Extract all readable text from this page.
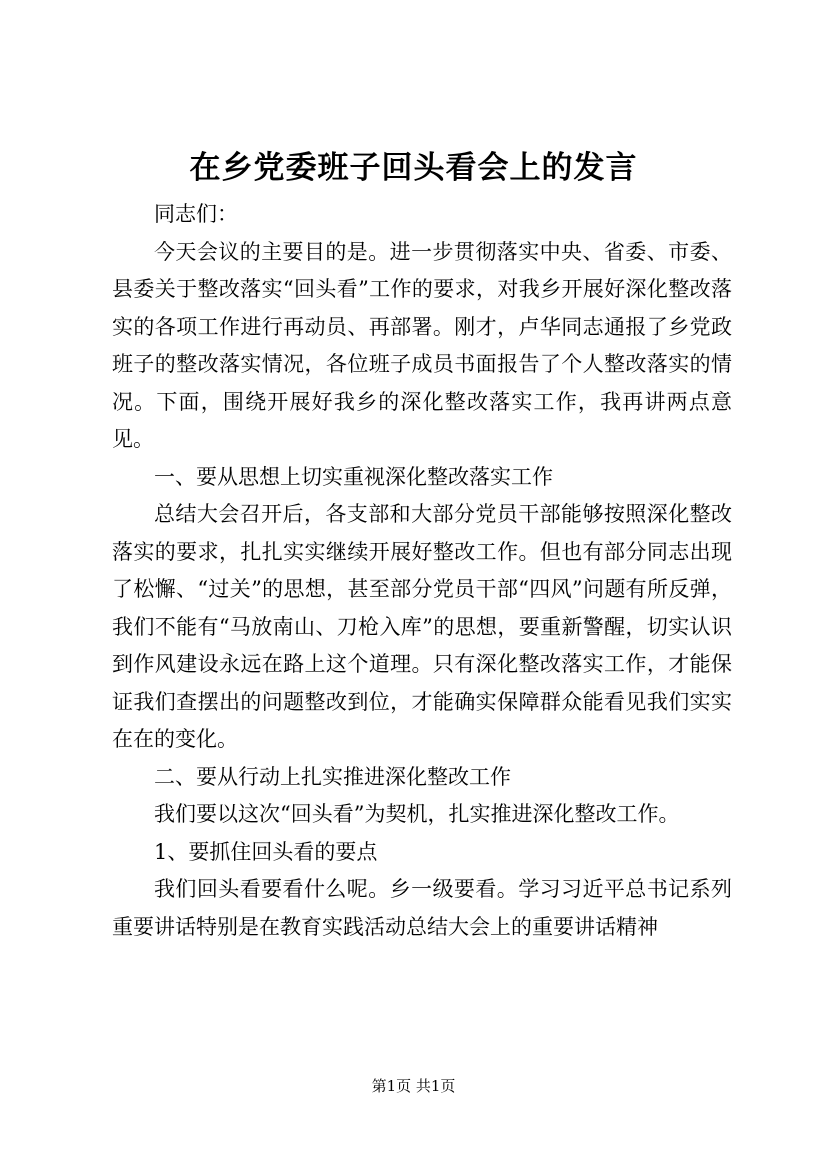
在乡党委班子回头看会上的发言

同志们：

今天会议的主要目的是。进一步贯彻落实中央、省委、市委、县委关于整改落实“回头看”工作的要求，对我乡开展好深化整改落实的各项工作进行再动员、再部署。刚才，卢华同志通报了乡党政班子的整改落实情况，各位班子成员书面报告了个人整改落实的情况。下面，围绕开展好我乡的深化整改落实工作，我再讲两点意见。

一、要从思想上切实重视深化整改落实工作

总结大会召开后，各支部和大部分党员干部能够按照深化整改落实的要求，扎扎实实继续开展好整改工作。但也有部分同志出现了松懈、“过关”的思想，甚至部分党员干部“四风”问题有所反弹，我们不能有“马放南山、刀枪入库”的思想，要重新警醒，切实认识到作风建设永远在路上这个道理。只有深化整改落实工作，才能保证我们查摆出的问题整改到位，才能确实保障群众能看见我们实实在在的变化。

二、要从行动上扎实推进深化整改工作

我们要以这次“回头看”为契机，扎实推进深化整改工作。

1、要抓住回头看的要点

我们回头看要看什么呢。乡一级要看。学习习近平总书记系列重要讲话特别是在教育实践活动总结大会上的重要讲话精神

第1页 共1页
